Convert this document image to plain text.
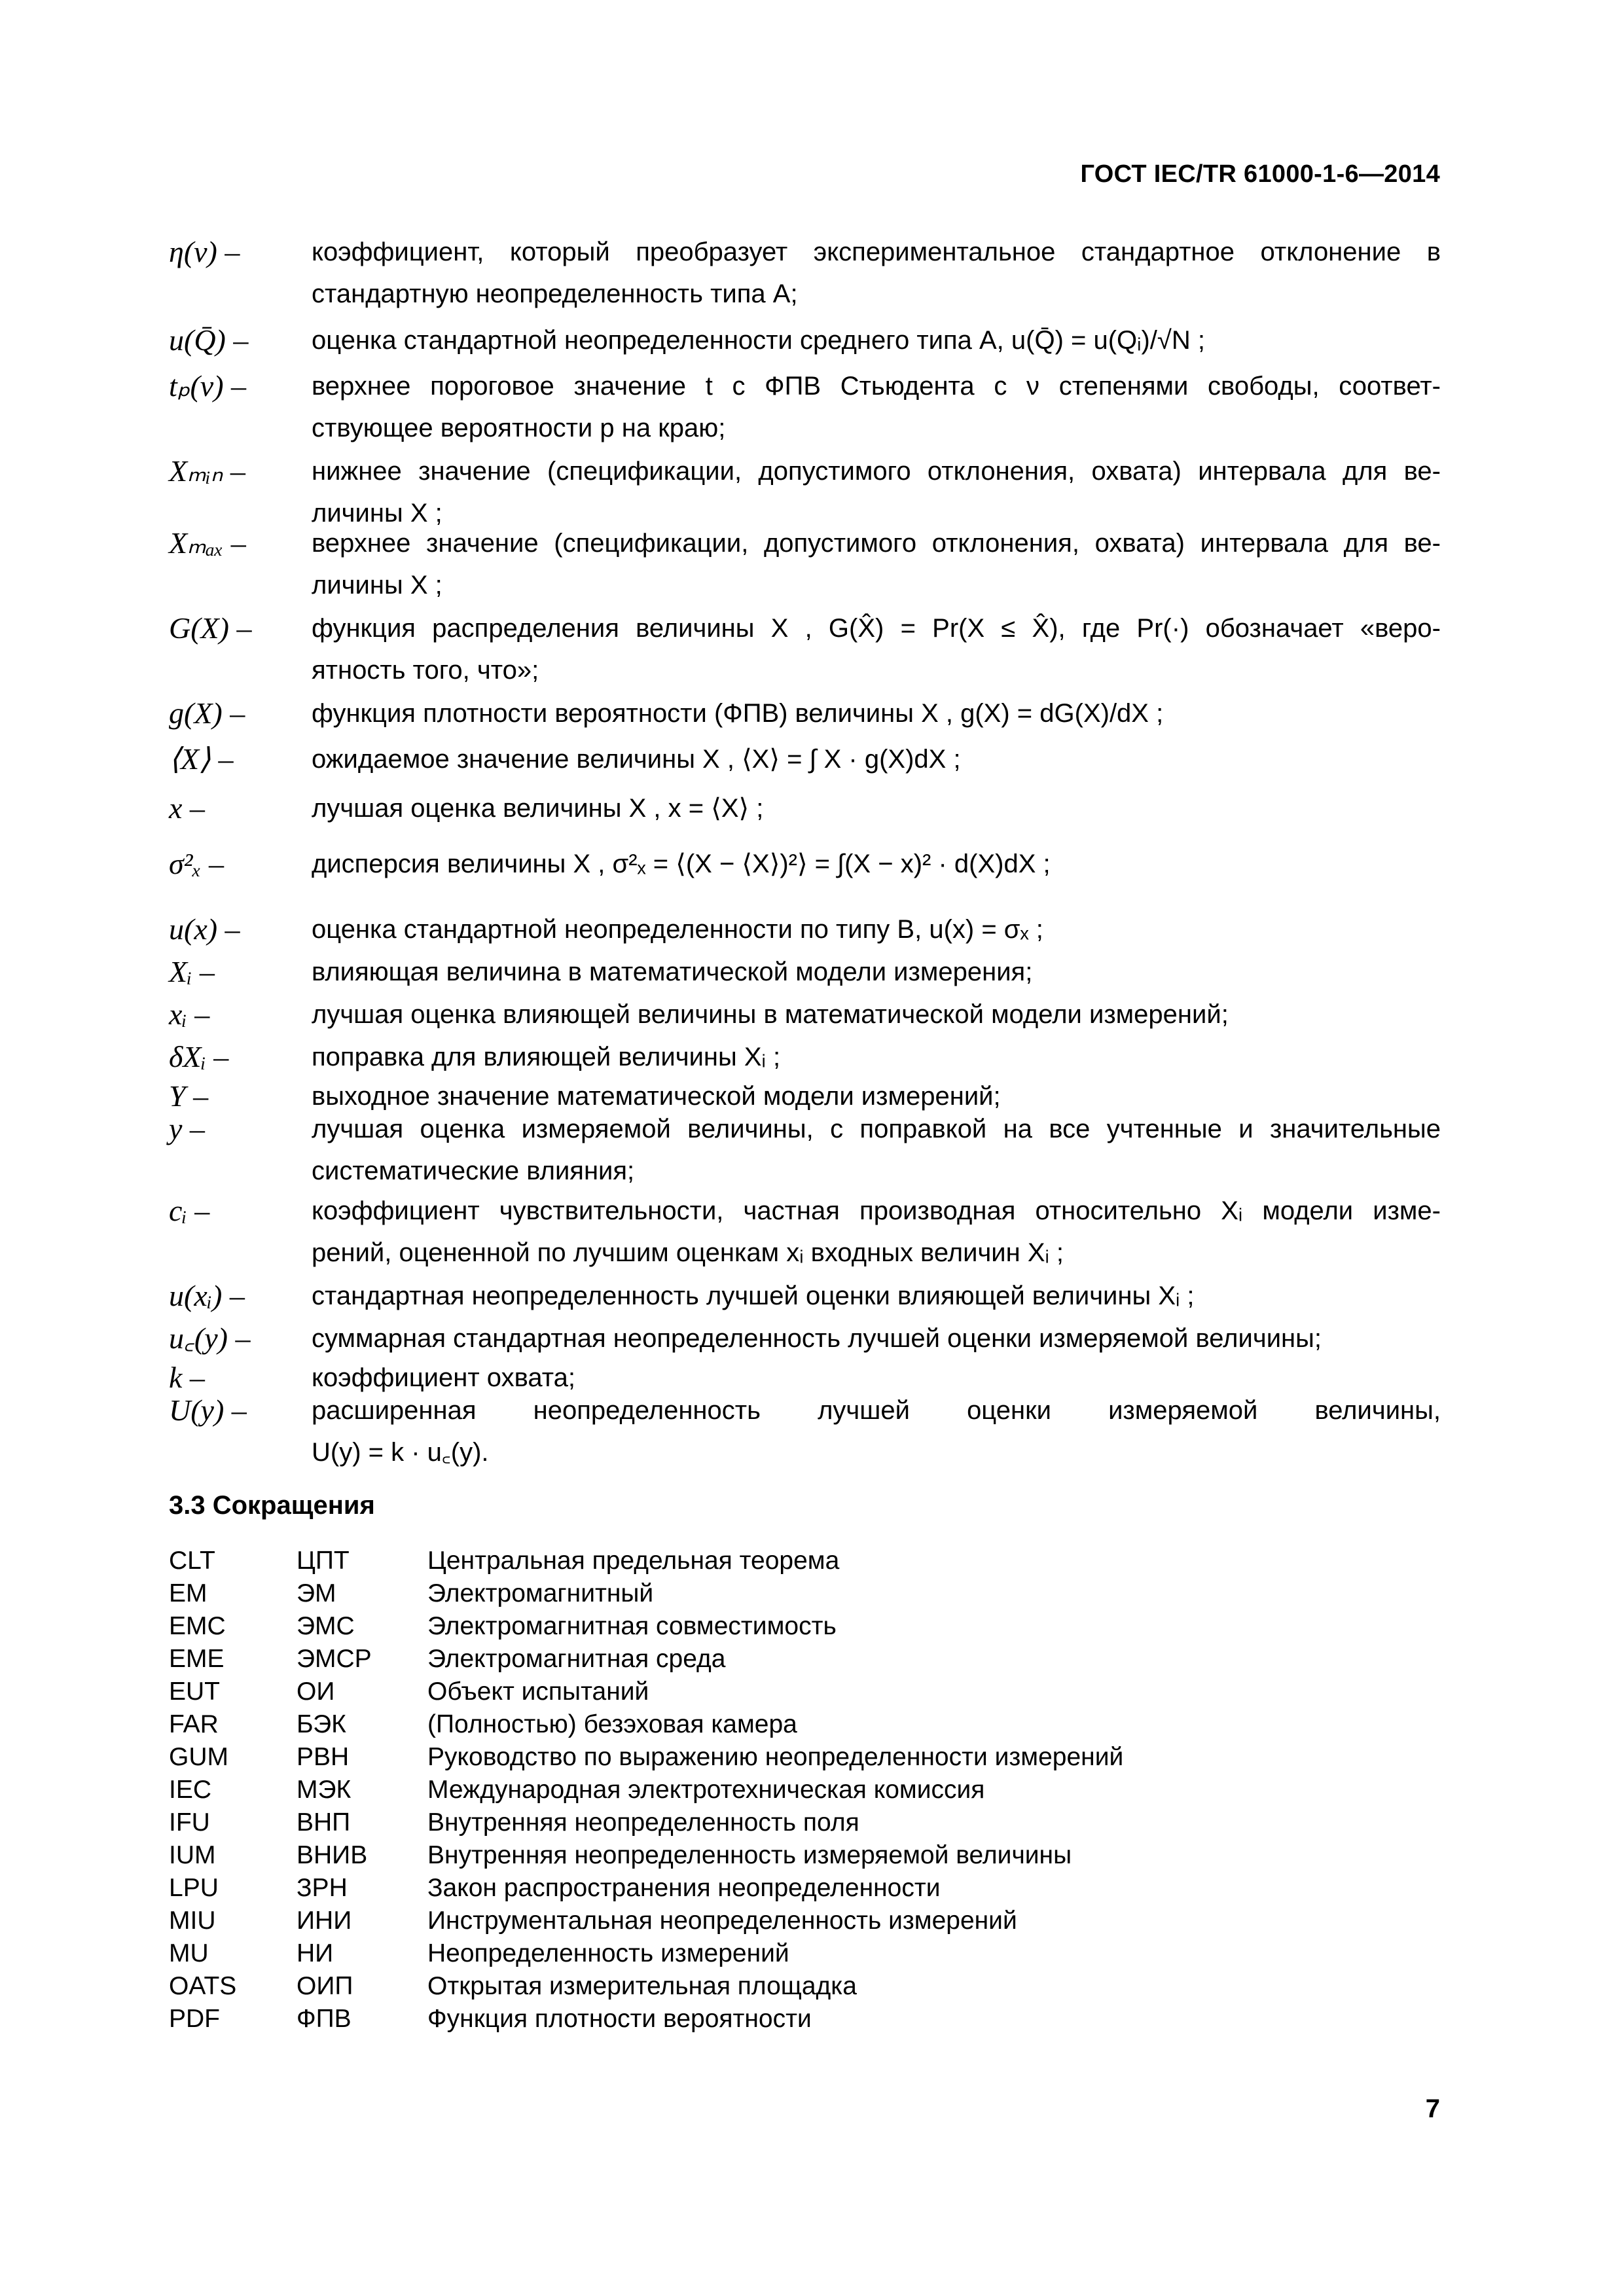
ГОСТ IEC/TR 61000-1-6—2014
η(ν) –	коэффициент, который преобразует экспериментальное стандартное отклонение в
стандартную неопределенность типа А;
u(Q̄) –	оценка стандартной неопределенности среднего типа А, u(Q̄) = u(Qᵢ)/√N ;
tₚ(ν) –	верхнее пороговое значение t с ФПВ Стьюдента с ν степенями свободы, соответ-
ствующее вероятности p на краю;
Xₘᵢₙ –	нижнее значение (спецификации, допустимого отклонения, охвата) интервала для ве-
личины X ;
Xₘₐₓ –	верхнее значение (спецификации, допустимого отклонения, охвата) интервала для ве-
личины X ;
G(X) –	функция распределения величины X , G(X̂) = Pr(X ≤ X̂), где Pr(·) обозначает «веро-
ятность того, что»;
g(X) –	функция плотности вероятности (ФПВ) величины X , g(X) = dG(X)/dX ;
⟨X⟩ –	ожидаемое значение величины X , ⟨X⟩ = ∫ X · g(X)dX ;
x –	лучшая оценка величины X , x = ⟨X⟩ ;
σ²ₓ –	дисперсия величины X , σ²ₓ = ⟨(X − ⟨X⟩)²⟩ = ∫(X − x)² · d(X)dX ;
u(x) –	оценка стандартной неопределенности по типу В, u(x) = σₓ ;
Xᵢ –	влияющая величина в математической модели измерения;
xᵢ –	лучшая оценка влияющей величины в математической модели измерений;
δXᵢ –	поправка для влияющей величины Xᵢ ;
Y –	выходное значение математической модели измерений;
y –	лучшая оценка измеряемой величины, с поправкой на все учтенные и значительные
систематические влияния;
cᵢ –	коэффициент чувствительности, частная производная относительно Xᵢ модели изме-
рений, оцененной по лучшим оценкам xᵢ входных величин Xᵢ ;
u(xᵢ) –	стандартная неопределенность лучшей оценки влияющей величины Xᵢ ;
u꜀(y) –	суммарная стандартная неопределенность лучшей оценки измеряемой величины;
k –	коэффициент охвата;
U(y) –	расширенная неопределенность лучшей оценки измеряемой величины,
U(y) = k · u꜀(y).
3.3 Сокращения
CLT	ЦПТ	Центральная предельная теорема
EM	ЭМ	Электромагнитный
EMC	ЭМС	Электромагнитная совместимость
EME	ЭМСР Электромагнитная среда
EUT	ОИ	Объект испытаний
FAR	БЭК	(Полностью) безэховая камера
GUM	РВН	Руководство по выражению неопределенности измерений
IEC	МЭК	Международная электротехническая комиссия
IFU	ВНП	Внутренняя неопределенность поля
IUM	ВНИВ Внутренняя неопределенность измеряемой величины
LPU	ЗРН	Закон распространения неопределенности
MIU	ИНИ	Инструментальная неопределенность измерений
MU	НИ	Неопределенность измерений
OATS ОИП	Открытая измерительная площадка
PDF	ФПВ	Функция плотности вероятности
7
